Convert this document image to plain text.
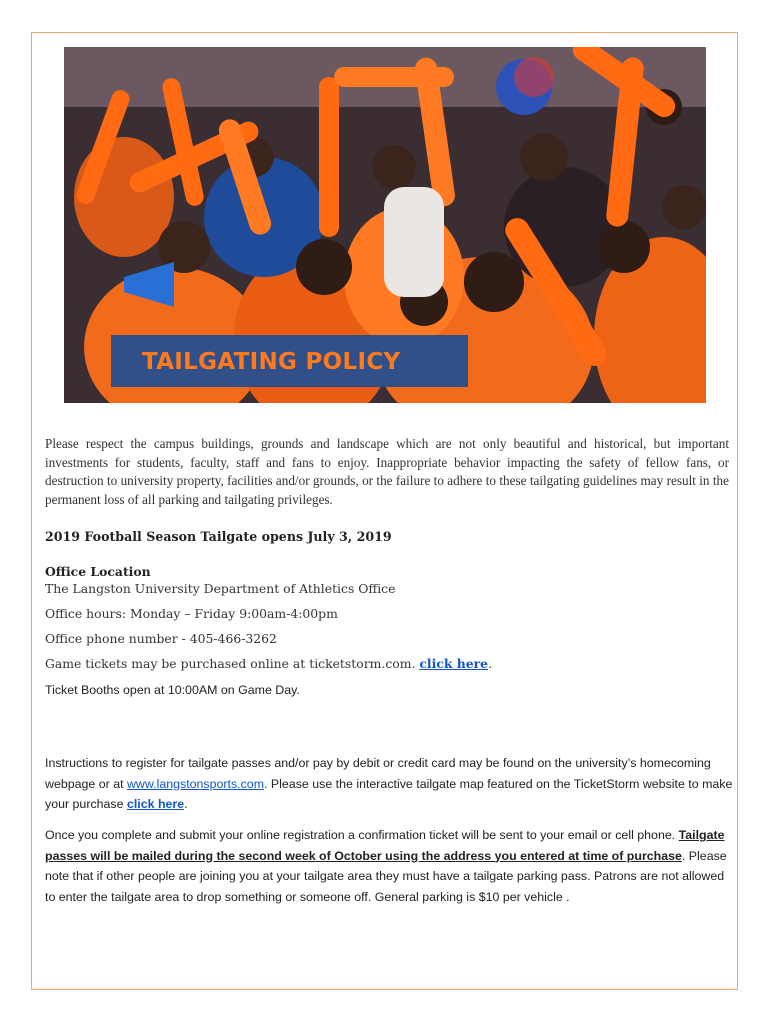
TAILGATING POLICY
Please respect the campus buildings, grounds and landscape which are not only beautiful and historical, but important investments for students, faculty, staff and fans to enjoy. Inappropriate behavior impacting the safety of fellow fans, or destruction to university property, facilities and/or grounds, or the failure to adhere to these tailgating guidelines may result in the permanent loss of all parking and tailgating privileges.
2019 Football Season Tailgate opens July 3, 2019
Office Location
The Langston University Department of Athletics Office
Office hours: Monday – Friday 9:00am-4:00pm
Office phone number - 405-466-3262
Game tickets may be purchased online at ticketstorm.com. click here.
Ticket Booths open at 10:00AM on Game Day.
Instructions to register for tailgate passes and/or pay by debit or credit card may be found on the university’s homecoming webpage or at www.langstonsports.com. Please use the interactive tailgate map featured on the TicketStorm website to make your purchase click here.
Once you complete and submit your online registration a confirmation ticket will be sent to your email or cell phone. Tailgate passes will be mailed during the second week of October using the address you entered at time of purchase. Please note that if other people are joining you at your tailgate area they must have a tailgate parking pass. Patrons are not allowed to enter the tailgate area to drop something or someone off. General parking is $10 per vehicle .
